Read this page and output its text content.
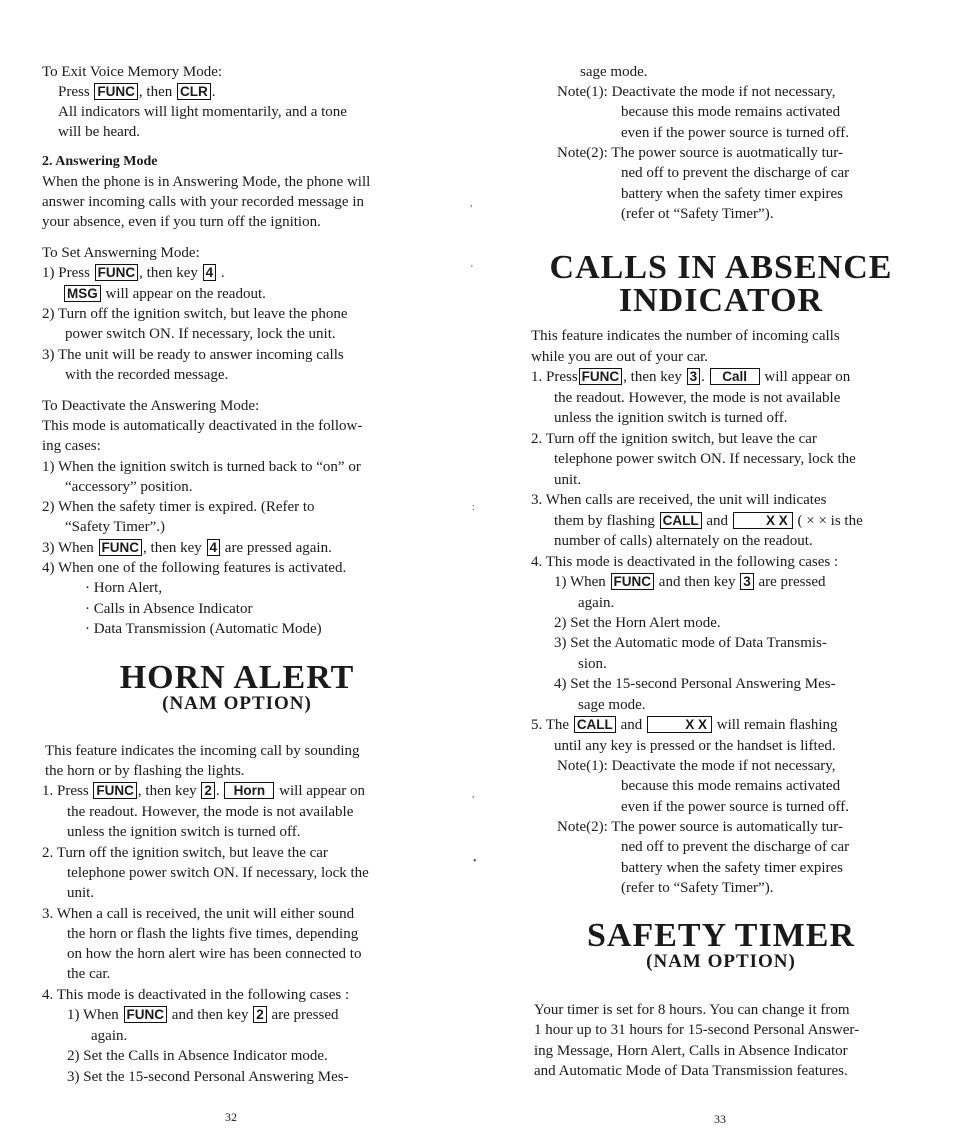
To Exit Voice Memory Mode:
Press FUNC , then CLR .
All indicators will light momentarily, and a tone
will be heard.
2. Answering Mode
When the phone is in Answering Mode, the phone will
answer incoming calls with your recorded message in
your absence, even if you turn off the ignition.
To Set Answerning Mode:
1) Press FUNC , then key 4 .
MSG will appear on the readout.
2) Turn off the ignition switch, but leave the phone
power switch ON. If necessary, lock the unit.
3) The unit will be ready to answer incoming calls
with the recorded message.
To Deactivate the Answering Mode:
This mode is automatically deactivated in the follow-
ing cases:
1) When the ignition switch is turned back to “on” or
“accessory” position.
2) When the safety timer is expired. (Refer to
“Safety Timer”.)
3) When FUNC , then key 4 are pressed again.
4) When one of the following features is activated.
· Horn Alert,
· Calls in Absence Indicator
· Data Transmission (Automatic Mode)
HORN ALERT
(NAM OPTION)
This feature indicates the incoming call by sounding
the horn or by flashing the lights.
1. Press FUNC , then key 2 . Horn will appear on
the readout. However, the mode is not available
unless the ignition switch is turned off.
2. Turn off the ignition switch, but leave the car
telephone power switch ON. If necessary, lock the
unit.
3. When a call is received, the unit will either sound
the horn or flash the lights five times, depending
on how the horn alert wire has been connected to
the car.
4. This mode is deactivated in the following cases :
1) When FUNC and then key 2 are pressed
again.
2) Set the Calls in Absence Indicator mode.
3) Set the 15-second Personal Answering Mes-
32
,
'
:
,
•
sage mode.
Note(1): Deactivate the mode if not necessary,
because this mode remains activated
even if the power source is turned off.
Note(2): The power source is auotmatically tur-
ned off to prevent the discharge of car
battery when the safety timer expires
(refer ot “Safety Timer”).
CALLS IN ABSENCE
INDICATOR
This feature indicates the number of incoming calls
while you are out of your car.
1. Press FUNC , then key 3 . Call will appear on
the readout. However, the mode is not available
unless the ignition switch is turned off.
2. Turn off the ignition switch, but leave the car
telephone power switch ON. If necessary, lock the
unit.
3. When calls are received, the unit will indicates
them by flashing CALL and	X X ( × × is the
number of calls) alternately on the readout.
4. This mode is deactivated in the following cases :
1) When FUNC and then key 3 are pressed
again.
2) Set the Horn Alert mode.
3) Set the Automatic mode of Data Transmis-
sion.
4) Set the 15-second Personal Answering Mes-
sage mode.
5. The CALL and	X X will remain flashing
until any key is pressed or the handset is lifted.
Note(1): Deactivate the mode if not necessary,
because this mode remains activated
even if the power source is turned off.
Note(2): The power source is automatically tur-
ned off to prevent the discharge of car
battery when the safety timer expires
(refer to “Safety Timer”).
SAFETY TIMER
(NAM OPTION)
Your timer is set for 8 hours. You can change it from
1 hour up to 31 hours for 15-second Personal Answer-
ing Message, Horn Alert, Calls in Absence Indicator
and Automatic Mode of Data Transmission features.
33
